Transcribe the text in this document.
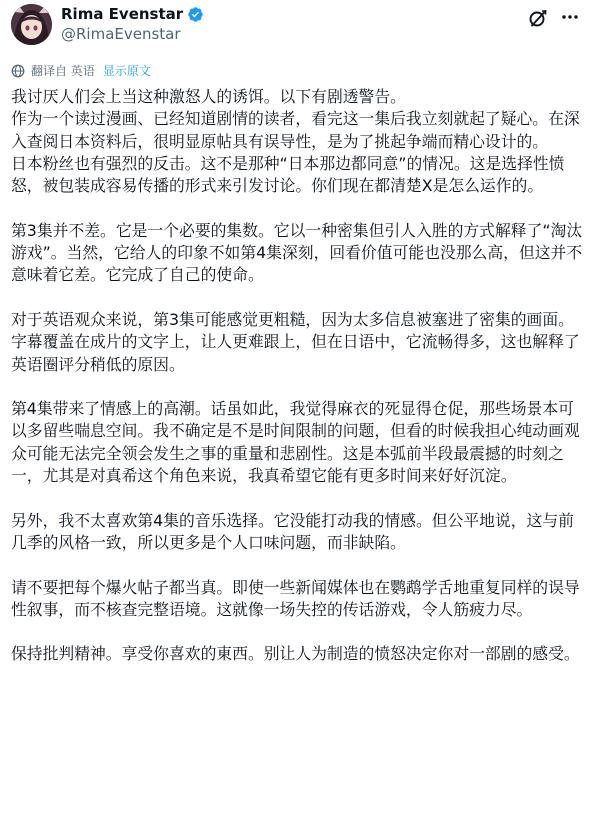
Rima Evenstar
@RimaEvenstar
翻译自 英语 显示原文

我讨厌人们会上当这种激怒人的诱饵。以下有剧透警告。

作为一个读过漫画、已经知道剧情的读者，看完这一集后我立刻就起了疑心。在深入查阅日本资料后，很明显原帖具有误导性，是为了挑起争端而精心设计的。

日本粉丝也有强烈的反击。这不是那种“日本那边都同意”的情况。这是选择性愤怒，被包装成容易传播的形式来引发讨论。你们现在都清楚X是怎么运作的。

第3集并不差。它是一个必要的集数。它以一种密集但引人入胜的方式解释了“淘汰游戏”。当然，它给人的印象不如第4集深刻，回看价值可能也没那么高，但这并不意味着它差。它完成了自己的使命。

对于英语观众来说，第3集可能感觉更粗糙，因为太多信息被塞进了密集的画面。字幕覆盖在成片的文字上，让人更难跟上，但在日语中，它流畅得多，这也解释了英语圈评分稍低的原因。

第4集带来了情感上的高潮。话虽如此，我觉得麻衣的死显得仓促，那些场景本可以多留些喘息空间。我不确定是不是时间限制的问题，但看的时候我担心纯动画观众可能无法完全领会发生之事的重量和悲剧性。这是本弧前半段最震撼的时刻之一，尤其是对真希这个角色来说，我真希望它能有更多时间来好好沉淀。

另外，我不太喜欢第4集的音乐选择。它没能打动我的情感。但公平地说，这与前几季的风格一致，所以更多是个人口味问题，而非缺陷。

请不要把每个爆火帖子都当真。即使一些新闻媒体也在鹦鹉学舌地重复同样的误导性叙事，而不核查完整语境。这就像一场失控的传话游戏，令人筋疲力尽。

保持批判精神。享受你喜欢的東西。别让人为制造的愤怒决定你对一部剧的感受。
